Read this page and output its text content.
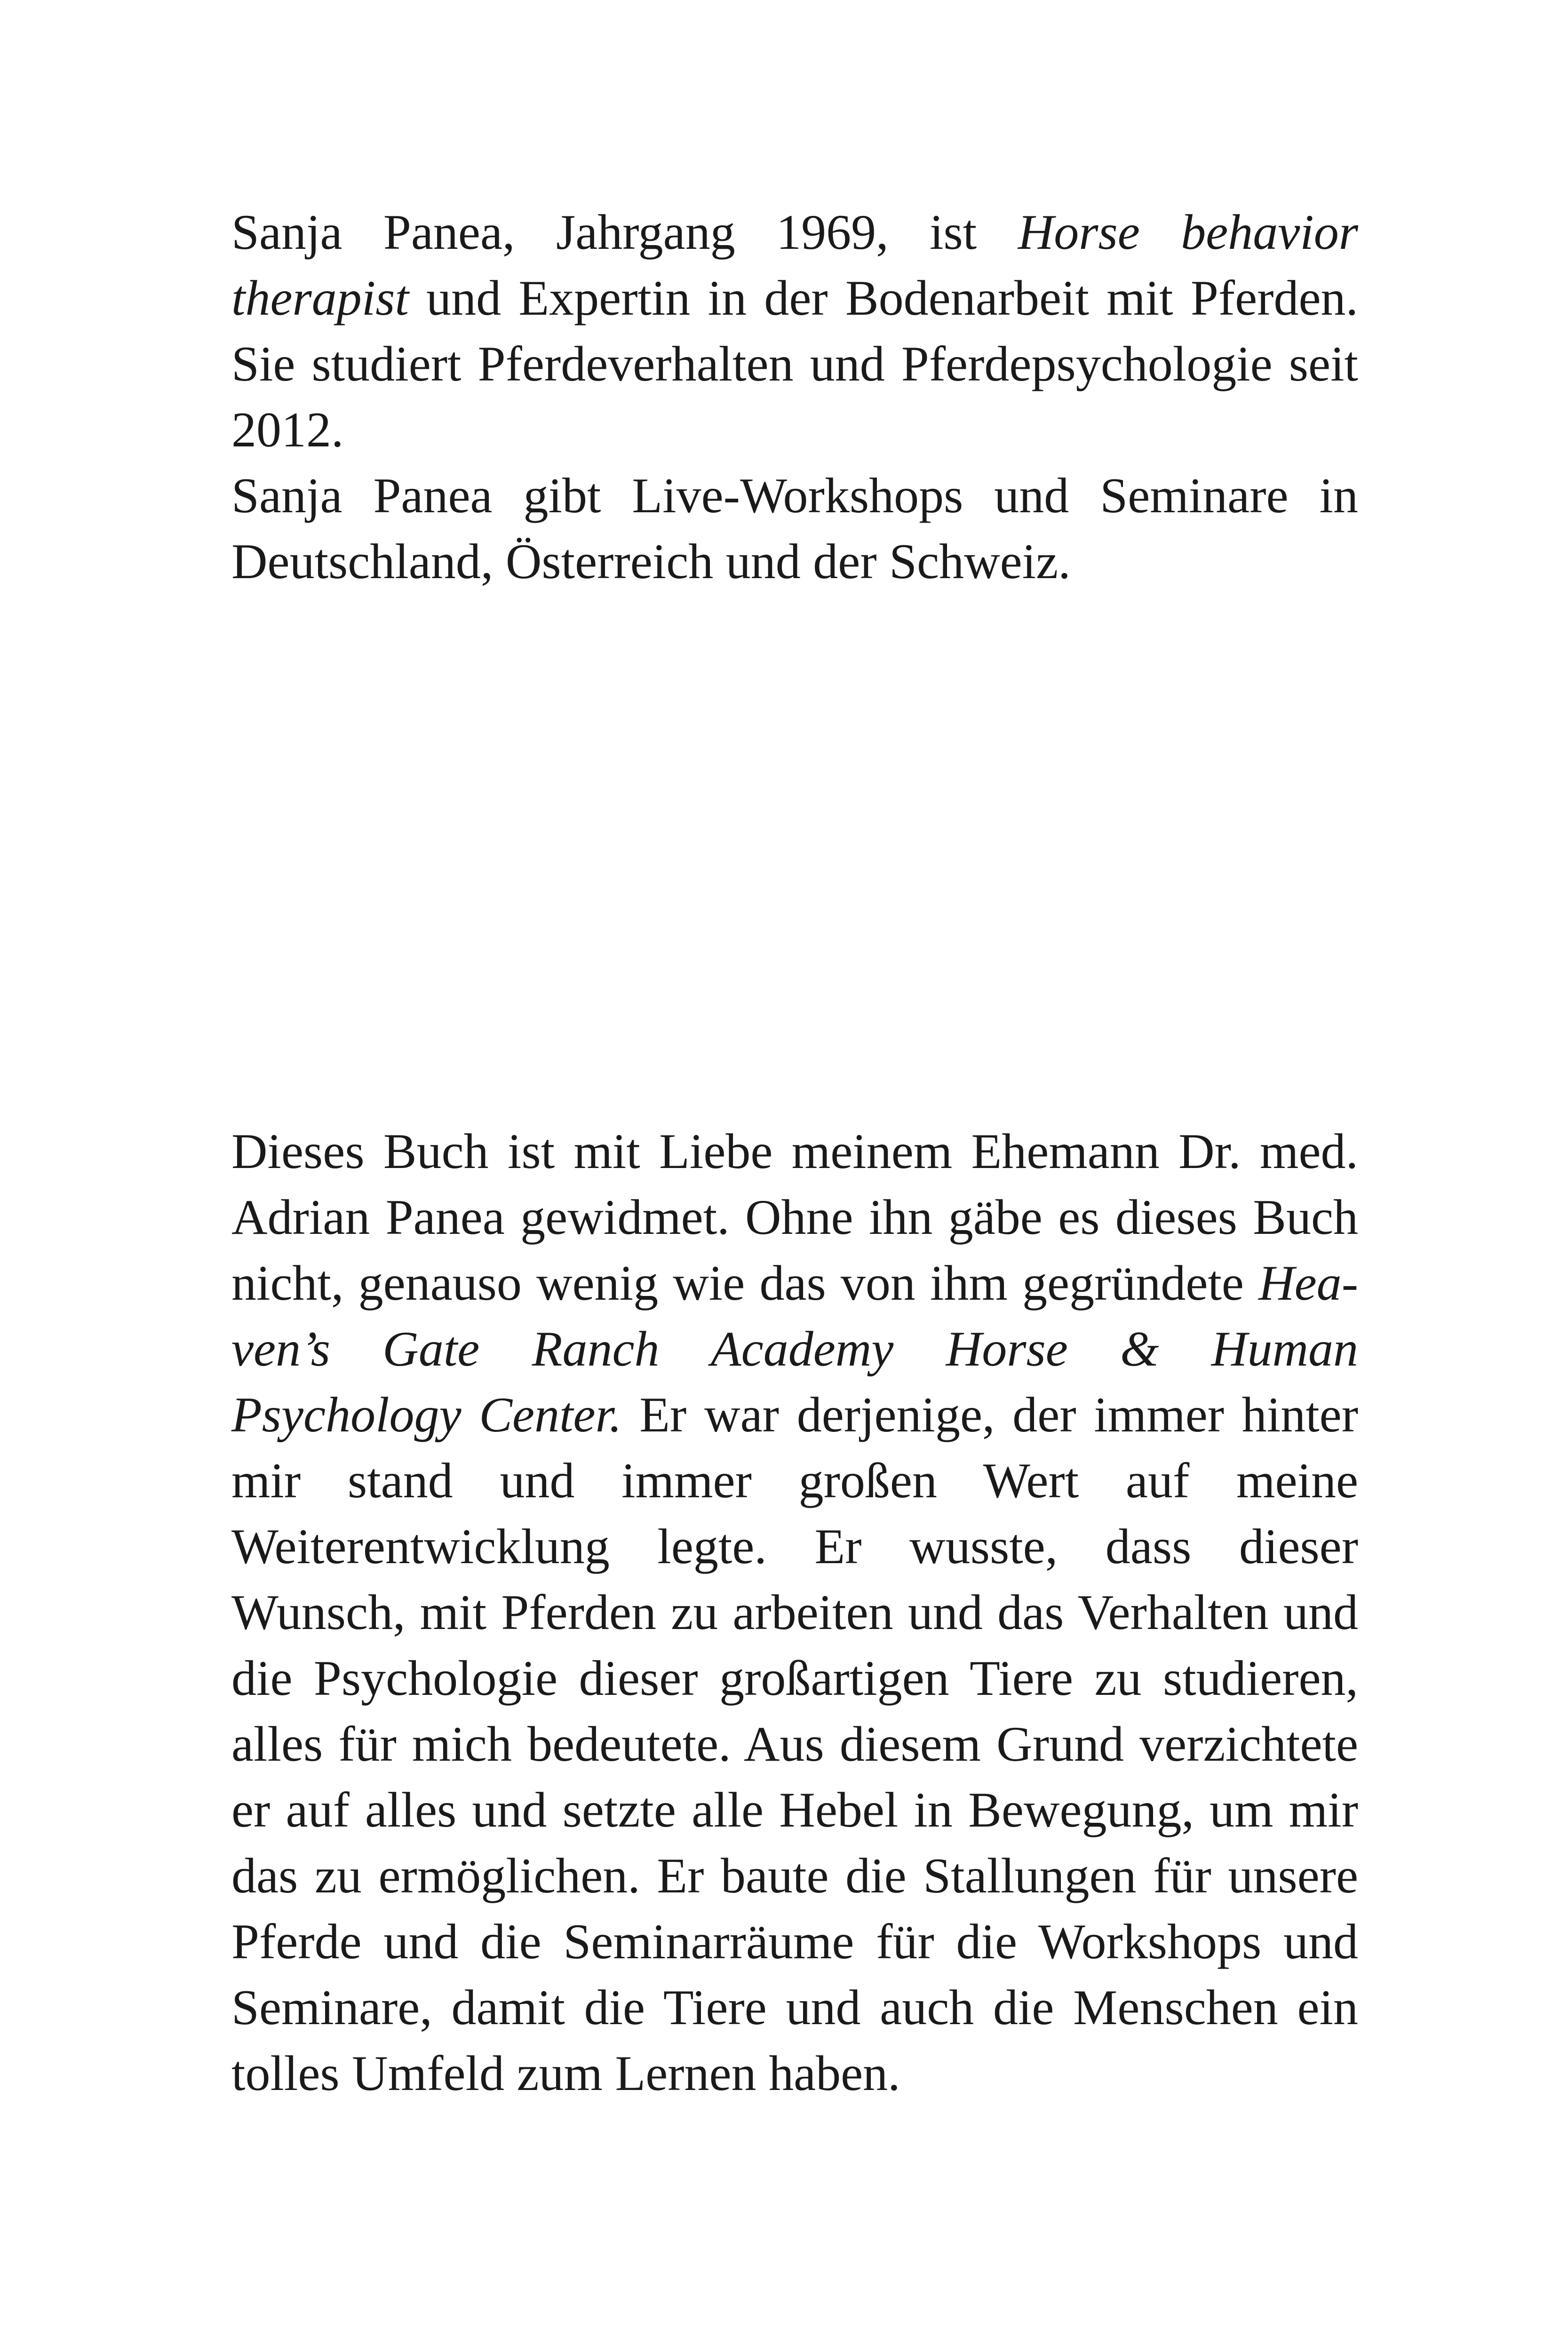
Sanja Panea, Jahrgang 1969, ist Horse behavior therapist und Expertin in der Bodenarbeit mit Pferden. Sie studiert Pferdeverhalten und Pferdepsychologie seit 2012.

Sanja Panea gibt Live-Workshops und Seminare in Deutschland, Österreich und der Schweiz.

Dieses Buch ist mit Liebe meinem Ehemann Dr. med. Adrian Panea gewidmet. Ohne ihn gäbe es dieses Buch nicht, genauso wenig wie das von ihm gegründete Heaven’s Gate Ranch Academy Horse & Human Psychology Center. Er war derjenige, der immer hinter mir stand und immer großen Wert auf meine Weiterentwicklung legte. Er wusste, dass dieser Wunsch, mit Pferden zu arbeiten und das Verhalten und die Psychologie dieser großartigen Tiere zu studieren, alles für mich bedeutete. Aus diesem Grund verzichtete er auf alles und setzte alle Hebel in Bewegung, um mir das zu ermöglichen. Er baute die Stallungen für unsere Pferde und die Seminarräume für die Workshops und Seminare, damit die Tiere und auch die Menschen ein tolles Umfeld zum Lernen haben.
